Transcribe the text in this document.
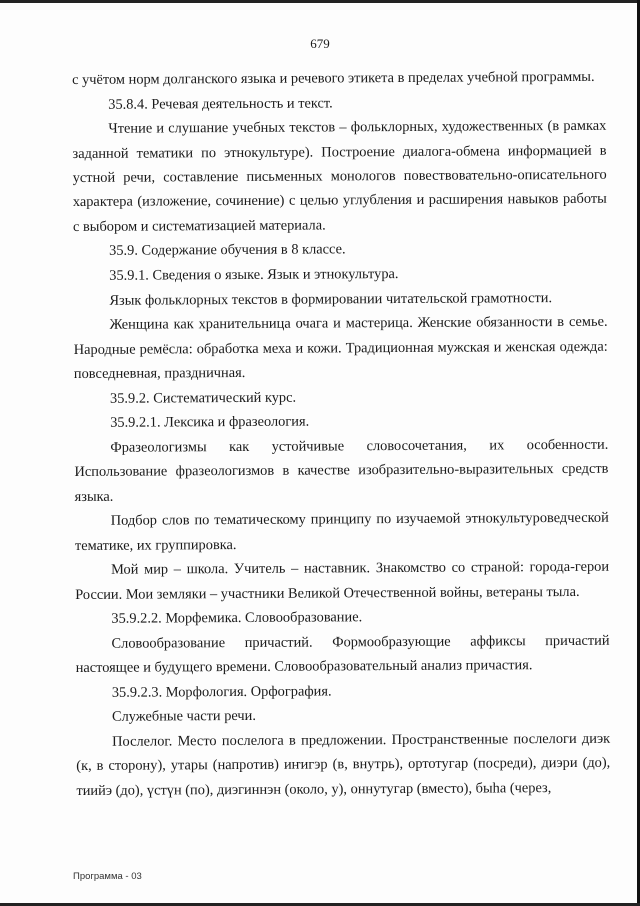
679

с учётом норм долганского языка и речевого этикета в пределах учебной программы.

35.8.4. Речевая деятельность и текст.

Чтение и слушание учебных текстов – фольклорных, художественных (в рамках заданной тематики по этнокультуре). Построение диалога-обмена информацией в устной речи, составление письменных монологов повествовательно-описательного характера (изложение, сочинение) с целью углубления и расширения навыков работы с выбором и систематизацией материала.

35.9. Содержание обучения в 8 классе.

35.9.1. Сведения о языке. Язык и этнокультура.

Язык фольклорных текстов в формировании читательской грамотности.

Женщина как хранительница очага и мастерица. Женские обязанности в семье. Народные ремёсла: обработка меха и кожи. Традиционная мужская и женская одежда: повседневная, праздничная.

35.9.2. Систематический курс.

35.9.2.1. Лексика и фразеология.

Фразеологизмы как устойчивые словосочетания, их особенности. Использование фразеологизмов в качестве изобразительно-выразительных средств языка.

Подбор слов по тематическому принципу по изучаемой этнокультуроведческой тематике, их группировка.

Мой мир – школа. Учитель – наставник. Знакомство со страной: города-герои России. Мои земляки – участники Великой Отечественной войны, ветераны тыла.

35.9.2.2. Морфемика. Словообразование.

Словообразование причастий. Формообразующие аффиксы причастий настоящее и будущего времени. Словообразовательный анализ причастия.

35.9.2.3. Морфология. Орфография.

Служебные части речи.

Послелог. Место послелога в предложении. Пространственные послелоги диэк (к, в сторону), утары (напротив) иҥигэр (в, внутрь), ортотугар (посреди), диэри (до), тиийэ (до), үстүн (по), диэгиннэн (около, у), оннутугар (вместо), быһа (через,

Программа - 03
